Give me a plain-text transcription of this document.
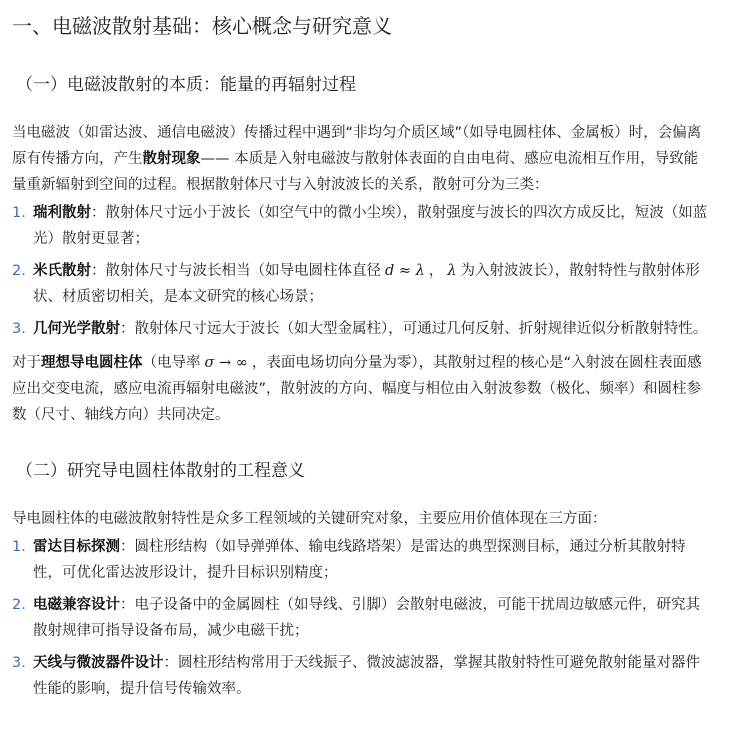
一、电磁波散射基础：核心概念与研究意义
（一）电磁波散射的本质：能量的再辐射过程

当电磁波（如雷达波、通信电磁波）传播过程中遇到“非均匀介质区域”（如导电圆柱体、金属板）时，会偏离原有传播方向，产生散射现象—— 本质是入射电磁波与散射体表面的自由电荷、感应电流相互作用，导致能量重新辐射到空间的过程。根据散射体尺寸与入射波波长的关系，散射可分为三类：

1. 瑞利散射：散射体尺寸远小于波长（如空气中的微小尘埃），散射强度与波长的四次方成反比，短波（如蓝光）散射更显著；
2. 米氏散射：散射体尺寸与波长相当（如导电圆柱体直径 d ≈ λ ， λ 为入射波波长），散射特性与散射体形状、材质密切相关，是本文研究的核心场景；
3. 几何光学散射：散射体尺寸远大于波长（如大型金属柱），可通过几何反射、折射规律近似分析散射特性。

对于理想导电圆柱体（电导率 σ → ∞ ，表面电场切向分量为零），其散射过程的核心是“入射波在圆柱表面感应出交变电流，感应电流再辐射电磁波”，散射波的方向、幅度与相位由入射波参数（极化、频率）和圆柱参数（尺寸、轴线方向）共同决定。

（二）研究导电圆柱体散射的工程意义

导电圆柱体的电磁波散射特性是众多工程领域的关键研究对象，主要应用价值体现在三方面：

1. 雷达目标探测：圆柱形结构（如导弹弹体、输电线路塔架）是雷达的典型探测目标，通过分析其散射特性，可优化雷达波形设计，提升目标识别精度；
2. 电磁兼容设计：电子设备中的金属圆柱（如导线、引脚）会散射电磁波，可能干扰周边敏感元件，研究其散射规律可指导设备布局，减少电磁干扰；
3. 天线与微波器件设计：圆柱形结构常用于天线振子、微波滤波器，掌握其散射特性可避免散射能量对器件性能的影响，提升信号传输效率。
